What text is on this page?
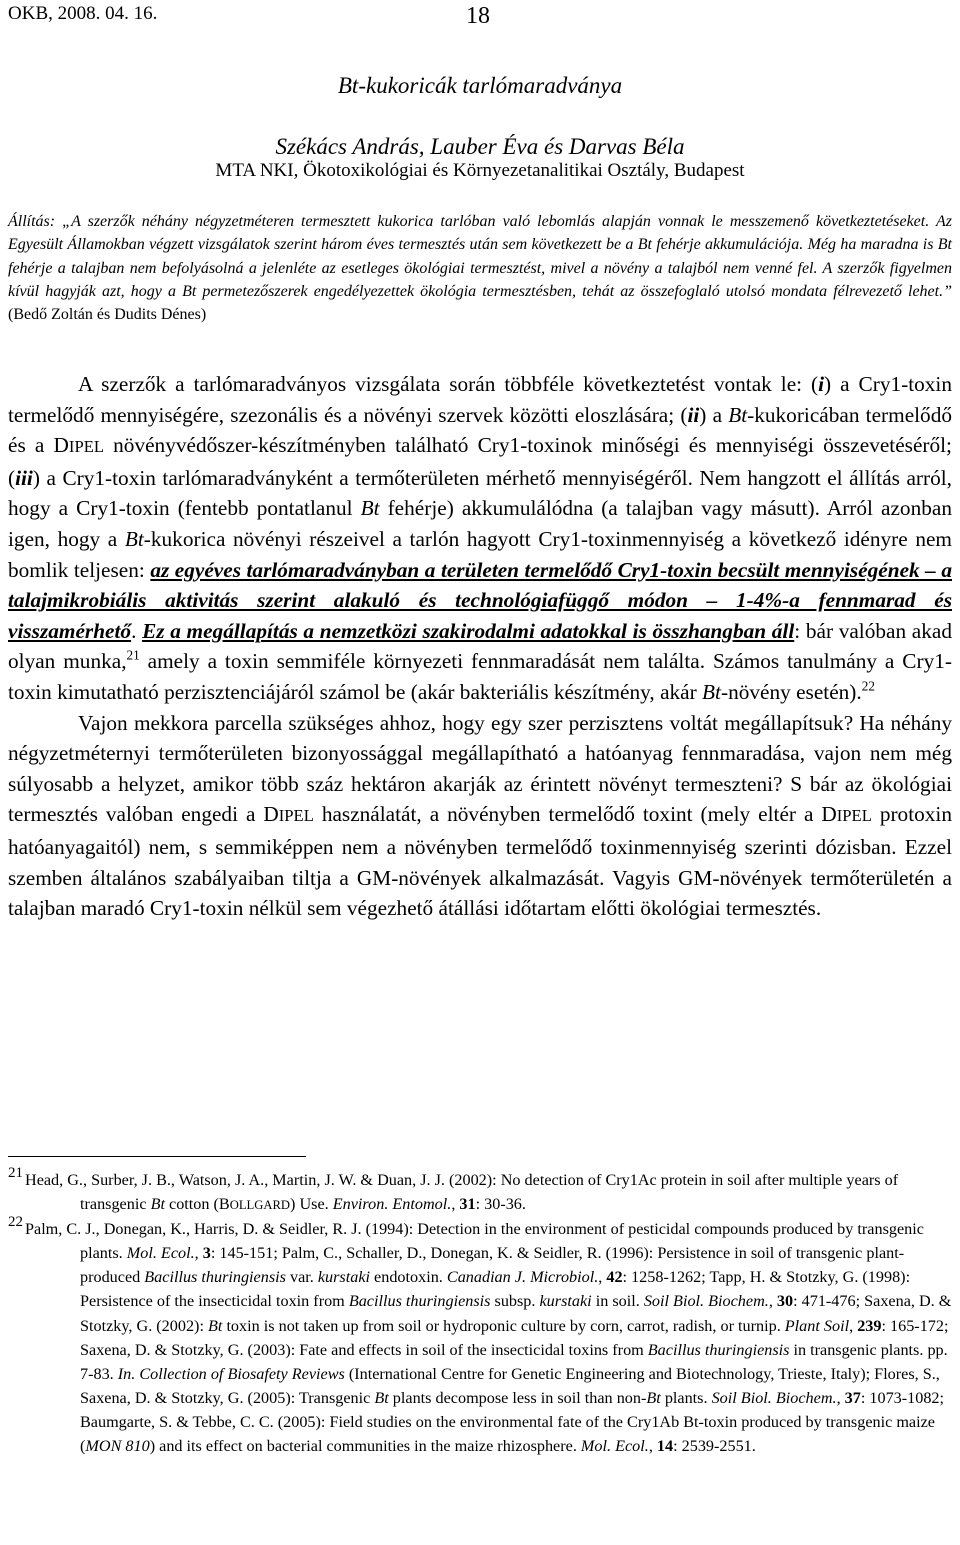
OKB, 2008. 04. 16.	18
Bt-kukoricák tarlómaradványa
Székács András, Lauber Éva és Darvas Béla
MTA NKI, Ökotoxikológiai és Környezetanalitikai Osztály, Budapest
Állítás: „A szerzők néhány négyzetméteren termesztett kukorica tarlóban való lebomlás alapján vonnak le messzemenő következtetéseket. Az Egyesült Államokban végzett vizsgálatok szerint három éves termesztés után sem következett be a Bt fehérje akkumulációja. Még ha maradna is Bt fehérje a talajban nem befolyásolná a jelenléte az esetleges ökológiai termesztést, mivel a növény a talajból nem venné fel. A szerzők figyelmen kívül hagyják azt, hogy a Bt permetezőszerek engedélyezettek ökológia termesztésben, tehát az összefoglaló utolsó mondata félrevezető lehet.” (Bedő Zoltán és Dudits Dénes)

A szerzők a tarlómaradványos vizsgálata során többféle következtetést vontak le: (i) a Cry1-toxin termelődő mennyiségére, szezonális és a növényi szervek közötti eloszlására; (ii) a Bt-kukoricában termelődő és a DIPEL növényvédőszer-készítményben található Cry1-toxinok minőségi és mennyiségi összevetéséről; (iii) a Cry1-toxin tarlómaradványként a termőterületen mérhető mennyiségéről. Nem hangzott el állítás arról, hogy a Cry1-toxin (fentebb pontatlanul Bt fehérje) akkumulálódna (a talajban vagy másutt). Arról azonban igen, hogy a Bt-kukorica növényi részeivel a tarlón hagyott Cry1-toxinmennyiség a következő idényre nem bomlik teljesen: az egyéves tarlómaradványban a területen termelődő Cry1-toxin becsült mennyiségének – a talajmikrobiális aktivitás szerint alakuló és technológiafüggő módon – 1-4%-a fennmarad és visszamérhető. Ez a megállapítás a nemzetközi szakirodalmi adatokkal is összhangban áll: bár valóban akad olyan munka,$^{21}$ amely a toxin semmiféle környezeti fennmaradását nem találta. Számos tanulmány a Cry1-toxin kimutatható perzisztenciájáról számol be (akár bakteriális készítmény, akár Bt-növény esetén).$^{22}$

Vajon mekkora parcella szükséges ahhoz, hogy egy szer perzisztens voltát megállapítsuk? Ha néhány négyzetméternyi termőterületen bizonyossággal megállapítható a hatóanyag fennmaradása, vajon nem még súlyosabb a helyzet, amikor több száz hektáron akarják az érintett növényt termeszteni? S bár az ökológiai termesztés valóban engedi a DIPEL használatát, a növényben termelődő toxint (mely eltér a DIPEL protoxin hatóanyagaitól) nem, s semmiképpen nem a növényben termelődő toxinmennyiség szerinti dózisban. Ezzel szemben általános szabályaiban tiltja a GM-növények alkalmazását. Vagyis GM-növények termőterületén a talajban maradó Cry1-toxin nélkül sem végezhető átállási időtartam előtti ökológiai termesztés.

21 Head, G., Surber, J. B., Watson, J. A., Martin, J. W. & Duan, J. J. (2002): No detection of Cry1Ac protein in soil after multiple years of transgenic Bt cotton (BOLLGARD) Use. Environ. Entomol., 31: 30-36.

22 Palm, C. J., Donegan, K., Harris, D. & Seidler, R. J. (1994): Detection in the environment of pesticidal compounds produced by transgenic plants. Mol. Ecol., 3: 145-151; Palm, C., Schaller, D., Donegan, K. & Seidler, R. (1996): Persistence in soil of transgenic plant-produced Bacillus thuringiensis var. kurstaki endotoxin. Canadian J. Microbiol., 42: 1258-1262; Tapp, H. & Stotzky, G. (1998): Persistence of the insecticidal toxin from Bacillus thuringiensis subsp. kurstaki in soil. Soil Biol. Biochem., 30: 471-476; Saxena, D. & Stotzky, G. (2002): Bt toxin is not taken up from soil or hydroponic culture by corn, carrot, radish, or turnip. Plant Soil, 239: 165-172; Saxena, D. & Stotzky, G. (2003): Fate and effects in soil of the insecticidal toxins from Bacillus thuringiensis in transgenic plants. pp. 7-83. In. Collection of Biosafety Reviews (International Centre for Genetic Engineering and Biotechnology, Trieste, Italy); Flores, S., Saxena, D. & Stotzky, G. (2005): Transgenic Bt plants decompose less in soil than non-Bt plants. Soil Biol. Biochem., 37: 1073-1082; Baumgarte, S. & Tebbe, C. C. (2005): Field studies on the environmental fate of the Cry1Ab Bt-toxin produced by transgenic maize (MON 810) and its effect on bacterial communities in the maize rhizosphere. Mol. Ecol., 14: 2539-2551.
